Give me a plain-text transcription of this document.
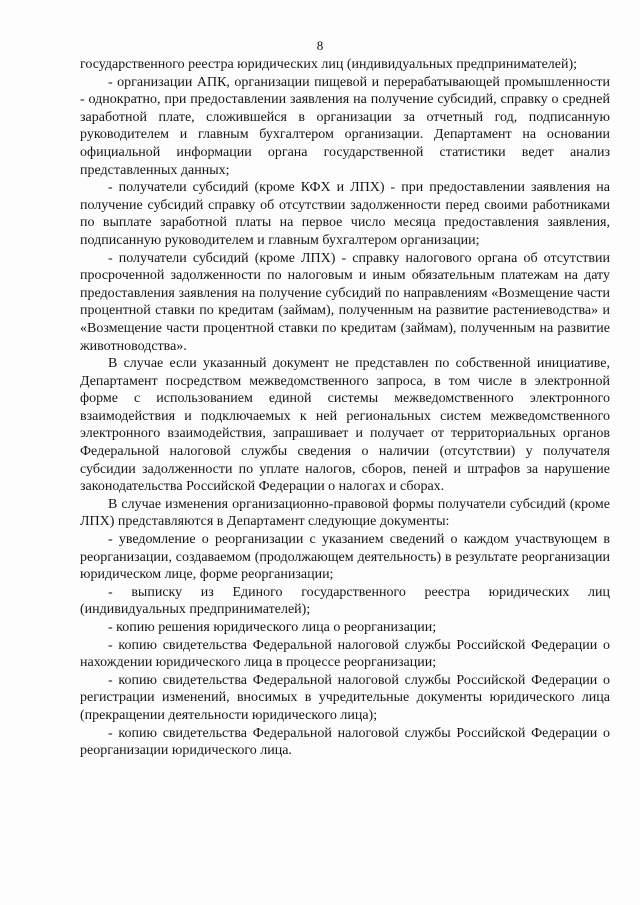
8

государственного реестра юридических лиц (индивидуальных предпринимателей);

- организации АПК, организации пищевой и перерабатывающей промышленности - однократно, при предоставлении заявления на получение субсидий, справку о средней заработной плате, сложившейся в организации за отчетный год, подписанную руководителем и главным бухгалтером организации. Департамент на основании официальной информации органа государственной статистики ведет анализ представленных данных;

- получатели субсидий (кроме КФХ и ЛПХ) - при предоставлении заявления на получение субсидий справку об отсутствии задолженности перед своими работниками по выплате заработной платы на первое число месяца предоставления заявления, подписанную руководителем и главным бухгалтером организации;

- получатели субсидий (кроме ЛПХ) - справку налогового органа об отсутствии просроченной задолженности по налоговым и иным обязательным платежам на дату предоставления заявления на получение субсидий по направлениям «Возмещение части процентной ставки по кредитам (займам), полученным на развитие растениеводства» и «Возмещение части процентной ставки по кредитам (займам), полученным на развитие животноводства».

В случае если указанный документ не представлен по собственной инициативе, Департамент посредством межведомственного запроса, в том числе в электронной форме с использованием единой системы межведомственного электронного взаимодействия и подключаемых к ней региональных систем межведомственного электронного взаимодействия, запрашивает и получает от территориальных органов Федеральной налоговой службы сведения о наличии (отсутствии) у получателя субсидии задолженности по уплате налогов, сборов, пеней и штрафов за нарушение законодательства Российской Федерации о налогах и сборах.

В случае изменения организационно-правовой формы получатели субсидий (кроме ЛПХ) представляются в Департамент следующие документы:

- уведомление о реорганизации с указанием сведений о каждом участвующем в реорганизации, создаваемом (продолжающем деятельность) в результате реорганизации юридическом лице, форме реорганизации;

- выписку из Единого государственного реестра юридических лиц (индивидуальных предпринимателей);

- копию решения юридического лица о реорганизации;

- копию свидетельства Федеральной налоговой службы Российской Федерации о нахождении юридического лица в процессе реорганизации;

- копию свидетельства Федеральной налоговой службы Российской Федерации о регистрации изменений, вносимых в учредительные документы юридического лица (прекращении деятельности юридического лица);

- копию свидетельства Федеральной налоговой службы Российской Федерации о реорганизации юридического лица.
